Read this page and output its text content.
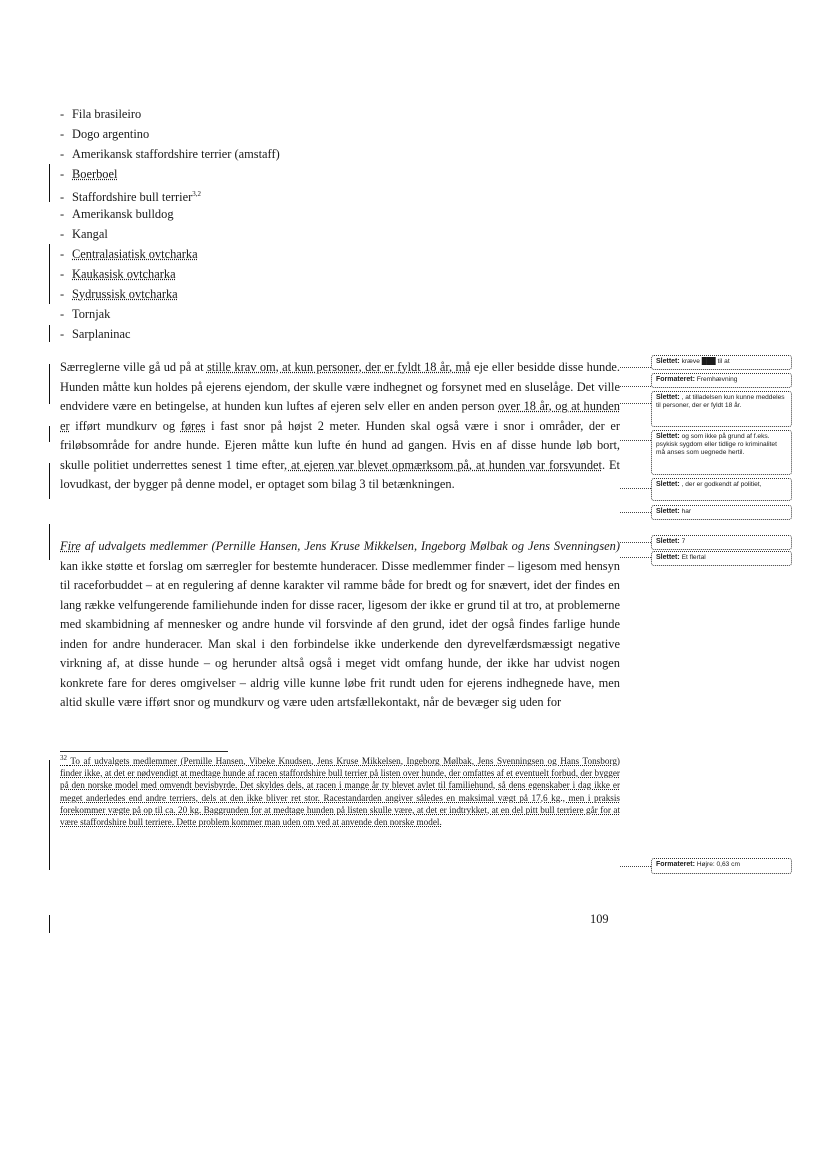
- Fila brasileiro
- Dogo argentino
- Amerikansk staffordshire terrier (amstaff)
- Boerboel
- Staffordshire bull terrier$^{3,2}$
- Amerikansk bulldog
- Kangal
- Centralasiatisk ovtcharka
- Kaukasisk ovtcharka
- Sydrussisk ovtcharka
- Tornjak
- Sarplaninac

Særreglerne ville gå ud på at stille krav om, at kun personer, der er fyldt 18 år, må eje eller besidde disse hunde. Hunden måtte kun holdes på ejerens ejendom, der skulle være indhegnet og forsynet med en sluselåge. Det ville endvidere være en betingelse, at hunden kun luftes af ejeren selv eller en anden person over 18 år, og at hunden er ifført mundkurv og føres i fast snor på højst 2 meter. Hunden skal også være i snor i områder, der er friløbsområde for andre hunde. Ejeren måtte kun lufte én hund ad gangen. Hvis en af disse hunde løb bort, skulle politiet underrettes senest 1 time efter, at ejeren var blevet opmærksom på, at hunden var forsvundet. Et lovudkast, der bygger på denne model, er optaget som bilag 3 til betænkningen.

Fire af udvalgets medlemmer (Pernille Hansen, Jens Kruse Mikkelsen, Ingeborg Mølbak og Jens Svenningsen) kan ikke støtte et forslag om særregler for bestemte hunderacer. Disse medlemmer finder – ligesom med hensyn til raceforbuddet – at en regulering af denne karakter vil ramme både for bredt og for snævert, idet der findes en lang række velfungerende familiehunde inden for disse racer, ligesom der ikke er grund til at tro, at problemerne med skambidning af mennesker og andre hunde vil forsvinde af den grund, idet der også findes farlige hunde inden for andre hunderacer. Man skal i den forbindelse ikke underkende den dyrevelfærdsmæssigt negative virkning af, at disse hunde – og herunder altså også i meget vidt omfang hunde, der ikke har udvist nogen konkrete fare for deres omgivelser – aldrig ville kunne løbe frit rundt uden for ejerens indhegnede have, men altid skulle være ifført snor og mundkurv og være uden artsfællekontakt, når de bevæger sig uden for

$^{32}$ To af udvalgets medlemmer (Pernille Hansen, Vibeke Knudsen, Jens Kruse Mikkelsen, Ingeborg Mølbak, Jens Svenningsen og Hans Tonsborg) finder ikke, at det er nødvendigt at medtage hunde af racen staffordshire bull terrier på listen over hunde, der omfattes af et eventuelt forbud, der bygger på den norske model med omvendt bevisbyrde. Det skyldes dels, at racen i mange år ty blevet avlet til familiehund, så dens egenskaber i dag ikke er meget anderledes end andre terriers, dels at den ikke bliver ret stor. Racestandarden angiver således en maksimal vægt på 17,6 kg., men i praksis forekommer vægte på op til ca. 20 kg. Baggrunden for at medtage hunden på listen skulle være, at det er indtrykket, at en del pitt bull terriere går for at være staffordshire bull terriere. Dette problem kommer man uden om ved at anvende den norske model.
109
Slettet: kræve ███ til at
Formateret: Fremhævning
Slettet: , at tilladelsen kun kunne meddeles til personer, der er fyldt 18 år.
Slettet: og som ikke på grund af f.eks. psykisk sygdom eller tidlige ro kriminalitet må anses som uegnede hertil.
Slettet: , der er godkendt af politiet,
Slettet: har
Slettet: 7
Slettet: Et flertal
Formateret: Højre: 0,63 cm
